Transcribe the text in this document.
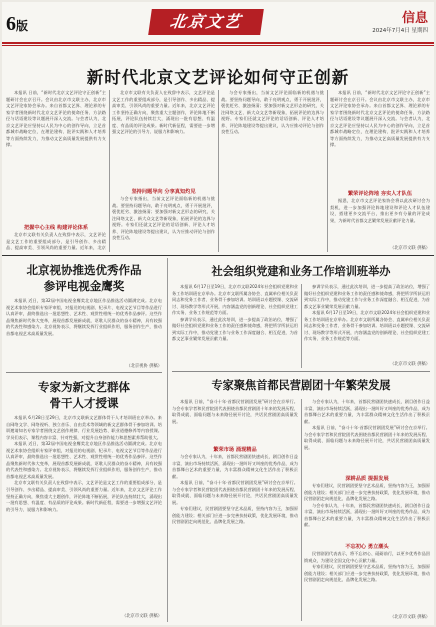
6版	北京文艺	信息
2024年7月4日 星期四
新时代北京文艺评论如何守正创新

本报讯 日前，“新时代北京文艺评论守正创新”主题研讨会在京召开。会议由北京市文联主办，北京市文艺评论家协会承办。来自首都文艺界、理论界的专家学者围绕新时代北京文艺评论的使命任务、方法路径与话语建设等议题展开深入交流。与会者认为，北京文艺评论应坚持以人民为中心的创作导向，立足首都城市战略定位，在理论建构、批评实践和人才培养等方面持续发力，为推动文艺高质量发展提供有力支撑。

把握中心主线 构建评论体系

北京市文联有关负责人在致辞中表示，文艺评论是文艺工作的重要组成部分，是引导创作、多出精品、提高审美、引领风尚的重要力量。近年来，北京

北京市文联有关负责人在致辞中表示，文艺评论是文艺工作的重要组成部分，是引导创作、多出精品、提高审美、引领风尚的重要力量。近年来，北京文艺评论工作坚持正确方向，聚焦重大主题创作，评论阵地不断拓展，评论队伍持续壮大，涌现出一批有思想、有温度、有品质的评论成果。新时代新征程，需要进一步增强文艺评论的引导力、说服力和影响力。

坚持问题导向 分享真知灼见

与会专家指出，当前文艺评论面临新的机遇与挑战。要坚持问题导向，敢于亮明观点，勇于开展批评，褒优贬劣、激浊扬清；要加强对新文艺形态的研究，关注网络文艺、新大众文艺等新现象，拓展评论的边界与视野。专家们还就文艺评论的话语创新、评论人才培养、评论阵地建设等提出建议，认为应推动评论与创作良性互动。

与会专家指出，当前文艺评论面临新的机遇与挑战。要坚持问题导向，敢于亮明观点，勇于开展批评，褒优贬劣、激浊扬清；要加强对新文艺形态的研究，关注网络文艺、新大众文艺等新现象，拓展评论的边界与视野。专家们还就文艺评论的话语创新、评论人才培养、评论阵地建设等提出建议，认为应推动评论与创作良性互动。

本报讯 日前，“新时代北京文艺评论守正创新”主题研讨会在京召开。会议由北京市文联主办，北京市文艺评论家协会承办。来自首都文艺界、理论界的专家学者围绕新时代北京文艺评论的使命任务、方法路径与话语建设等议题展开深入交流。与会者认为，北京文艺评论应坚持以人民为中心的创作导向，立足首都城市战略定位，在理论建构、批评实践和人才培养等方面持续发力，为推动文艺高质量发展提供有力支撑。

繁荣评论阵地 夯实人才队伍

据悉，北京市文艺评论家协会将以此次研讨会为契机，进一步加强评论阵地建设和评论人才队伍建设，搭建更多交流平台，推出更多有分量的评论成果，为新时代首都文艺繁荣发展贡献评论力量。

（北京市文联 供稿）
北京视协推选优秀作品
参评电视金鹰奖

本报讯 近日，第32届中国电视金鹰奖北京地区作品推选活动圆满完成。北京电视艺术家协会组织专家评审组，对报送的电视剧、纪录片、电视文艺节目等作品进行认真评审，最终推选出一批思想性、艺术性、观赏性相统一的优秀作品参评。这些作品聚焦新时代伟大变革，展现首都发展新成就，讴歌人民群众的奋斗精神，具有较强的代表性和感染力。北京视协表示，将继续发挥行业组织作用，服务创作生产，推动首都电视艺术高质量发展。

（北京视协 供稿）
专家为新文艺群体
骨干人才授课

本报讯 6月28日至29日，北京市文联新文艺群体骨干人才培训班在京举办。来自网络文学、网络视听、独立音乐、自由美术等领域的新文艺群体骨干参加培训。培训邀请知名专家学者围绕文艺创作规律、行业发展趋势、职业道德修养等内容授课。学员们表示，课程内容丰富、针对性强，对提升自身创作能力和思想素养帮助很大。

本报讯 近日，第32届中国电视金鹰奖北京地区作品推选活动圆满完成。北京电视艺术家协会组织专家评审组，对报送的电视剧、纪录片、电视文艺节目等作品进行认真评审，最终推选出一批思想性、艺术性、观赏性相统一的优秀作品参评。这些作品聚焦新时代伟大变革，展现首都发展新成就，讴歌人民群众的奋斗精神，具有较强的代表性和感染力。北京视协表示，将继续发挥行业组织作用，服务创作生产，推动首都电视艺术高质量发展。

北京市文联有关负责人在致辞中表示，文艺评论是文艺工作的重要组成部分，是引导创作、多出精品、提高审美、引领风尚的重要力量。近年来，北京文艺评论工作坚持正确方向，聚焦重大主题创作，评论阵地不断拓展，评论队伍持续壮大，涌现出一批有思想、有温度、有品质的评论成果。新时代新征程，需要进一步增强文艺评论的引导力、说服力和影响力。

（北京市文联 供稿）
社会组织党建和业务工作培训班举办

本报讯 6月17日至19日，北京市文联2024年社会组织党建和业务工作培训班在京举办。北京市文联所属各协会、直属单位相关负责同志和党务工作者、业务骨干参加培训。培训班以专题授课、交流研讨、现场教学等形式开展，内容涵盖党的创新理论、社会组织党建工作实务、业务工作规范等方面。

参训学员表示，通过此次培训，进一步提高了政治站位，增强了做好社会组织党建和业务工作的责任感和使命感，将把所学所获运用到实际工作中，推动党建工作与业务工作深度融合、相互促进，为首都文艺事业繁荣发展贡献力量。

参训学员表示，通过此次培训，进一步提高了政治站位，增强了做好社会组织党建和业务工作的责任感和使命感，将把所学所获运用到实际工作中，推动党建工作与业务工作深度融合、相互促进，为首都文艺事业繁荣发展贡献力量。

本报讯 6月17日至19日，北京市文联2024年社会组织党建和业务工作培训班在京举办。北京市文联所属各协会、直属单位相关负责同志和党务工作者、业务骨干参加培训。培训班以专题授课、交流研讨、现场教学等形式开展，内容涵盖党的创新理论、社会组织党建工作实务、业务工作规范等方面。

（北京市文联 供稿）
专家聚焦首都民营剧团十年繁荣发展

本报讯 日前，“奋斗十年·首都民营剧团发展”研讨会在京举行。与会专家学者和民营院团代表围绕首都民营剧团十年来的发展历程、取得成就、面临问题与未来路径展开讨论，共话民营剧团高质量发展。

繁荣市场 涌现精品

与会专家认为，十年来，首都民营剧团快速成长，剧目创作日益丰富，演出市场持续活跃，涌现出一批叫好又叫座的优秀作品，成为首都舞台艺术的重要力量，为丰富群众精神文化生活作出了积极贡献。

本报讯 日前，“奋斗十年·首都民营剧团发展”研讨会在京举行。与会专家学者和民营院团代表围绕首都民营剧团十年来的发展历程、取得成就、面临问题与未来路径展开讨论，共话民营剧团高质量发展。

专家们建议，民营剧团要坚守艺术品质，坚持内容为王，加强原创能力建设；相关部门应进一步完善扶持政策，优化发展环境，推动民营剧团走向规范化、品牌化发展之路。

与会专家认为，十年来，首都民营剧团快速成长，剧目创作日益丰富，演出市场持续活跃，涌现出一批叫好又叫座的优秀作品，成为首都舞台艺术的重要力量，为丰富群众精神文化生活作出了积极贡献。

本报讯 日前，“奋斗十年·首都民营剧团发展”研讨会在京举行。与会专家学者和民营院团代表围绕首都民营剧团十年来的发展历程、取得成就、面临问题与未来路径展开讨论，共话民营剧团高质量发展。

深耕品质 提振发展

专家们建议，民营剧团要坚守艺术品质，坚持内容为王，加强原创能力建设；相关部门应进一步完善扶持政策，优化发展环境，推动民营剧团走向规范化、品牌化发展之路。

与会专家认为，十年来，首都民营剧团快速成长，剧目创作日益丰富，演出市场持续活跃，涌现出一批叫好又叫座的优秀作品，成为首都舞台艺术的重要力量，为丰富群众精神文化生活作出了积极贡献。

不忘初心 勇立潮头

民营剧团代表表示，将不忘初心、砥砺前行，以更多优秀作品回馈观众，为建设全国文化中心贡献力量。

专家们建议，民营剧团要坚守艺术品质，坚持内容为王，加强原创能力建设；相关部门应进一步完善扶持政策，优化发展环境，推动民营剧团走向规范化、品牌化发展之路。

（北京市文联 供稿）
